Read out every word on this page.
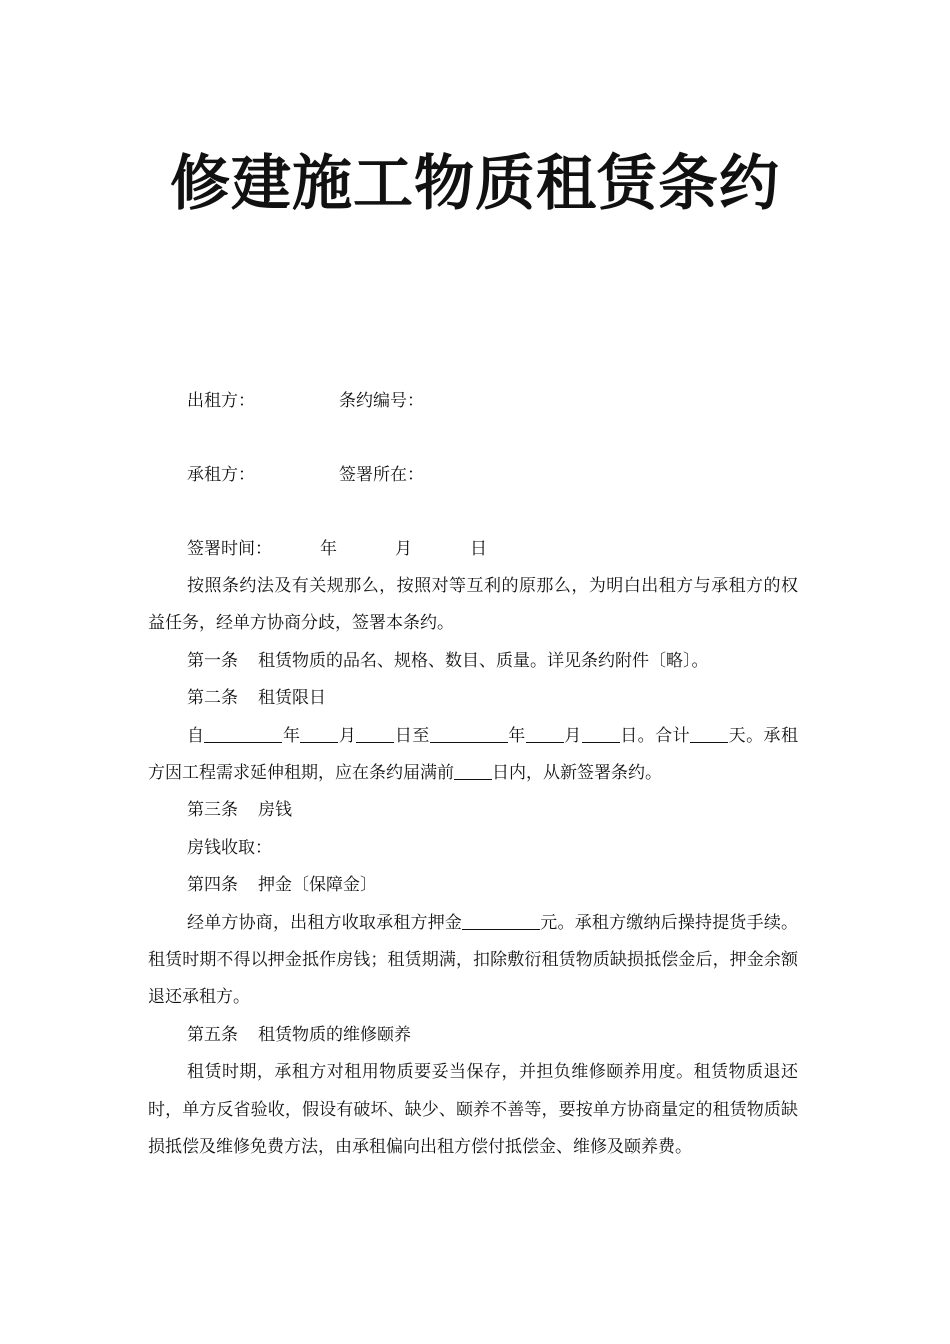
修建施工物质租赁条约
出租方：	条约编号：
承租方：	签署所在：
签署时间：	年	月	日

按照条约法及有关规那么，按照对等互利的原那么，为明白出租方与承租方的权益任务，经单方协商分歧，签署本条约。

第一条 租赁物质的品名、规格、数目、质量。详见条约附件〔略〕。

第二条 租赁限日

自	年 月 日至	年 月 日。合计 天。承租方因工程需求延伸租期，应在条约届满前 日内，从新签署条约。

第三条 房钱

房钱收取：

第四条 押金〔保障金〕

经单方协商，出租方收取承租方押金	元。承租方缴纳后操持提货手续。租赁时期不得以押金抵作房钱；租赁期满，扣除敷衍租赁物质缺损抵偿金后，押金余额退还承租方。

第五条 租赁物质的维修颐养

租赁时期，承租方对租用物质要妥当保存，并担负维修颐养用度。租赁物质退还时，单方反省验收，假设有破坏、缺少、颐养不善等，要按单方协商量定的租赁物质缺损抵偿及维修免费方法，由承租偏向出租方偿付抵偿金、维修及颐养费。
